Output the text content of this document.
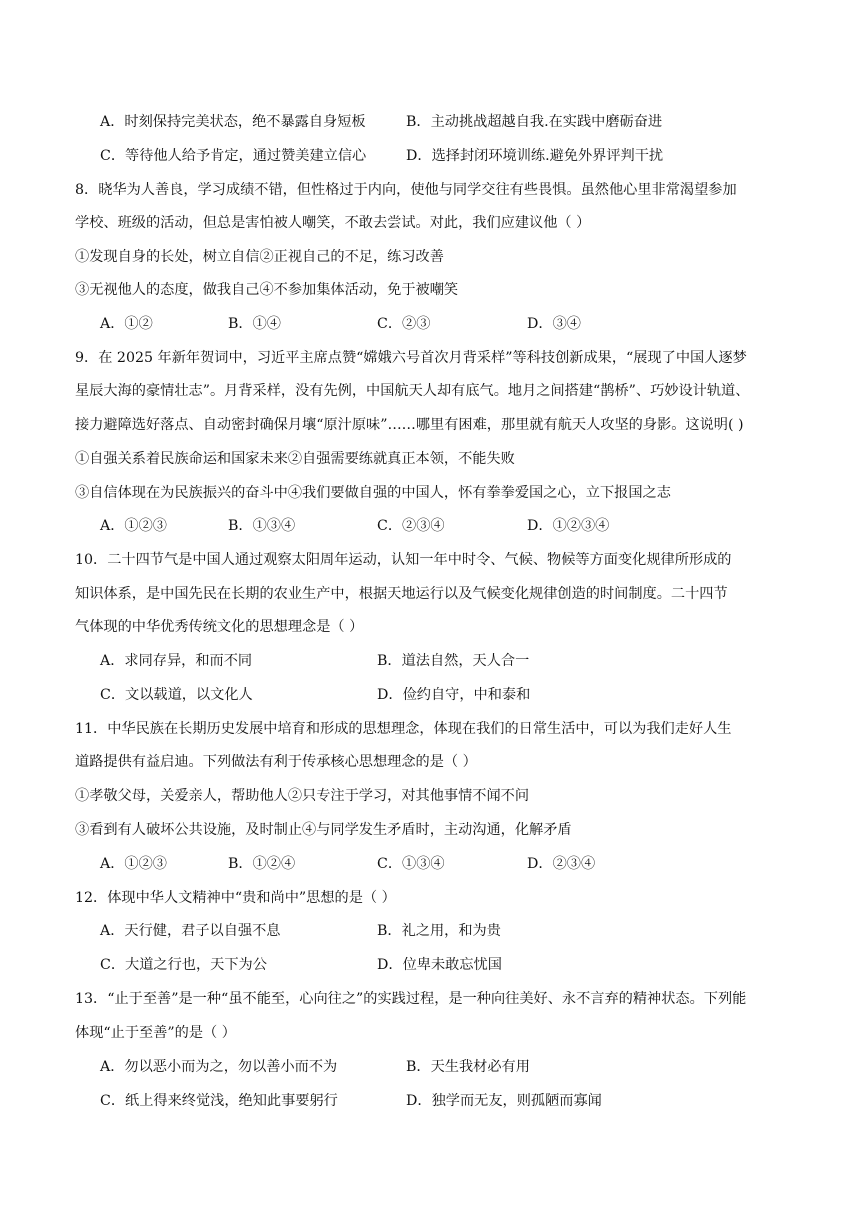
A．时刻保持完美状态，绝不暴露自身短板	B．主动挑战超越自我.在实践中磨砺奋进
C．等待他人给予肯定，通过赞美建立信心	D．选择封闭环境训练.避免外界评判干扰
8．晓华为人善良，学习成绩不错，但性格过于内向，使他与同学交往有些畏惧。虽然他心里非常渴望参加
学校、班级的活动，但总是害怕被人嘲笑，不敢去尝试。对此，我们应建议他（ ）
①发现自身的长处，树立自信②正视自己的不足，练习改善
③无视他人的态度，做我自己④不参加集体活动，免于被嘲笑
A．①②	B．①④	C．②③	D．③④
9．在 2025 年新年贺词中，习近平主席点赞“嫦娥六号首次月背采样”等科技创新成果，“展现了中国人逐梦
星辰大海的豪情壮志”。月背采样，没有先例，中国航天人却有底气。地月之间搭建“鹊桥”、巧妙设计轨道、
接力避障选好落点、自动密封确保月壤“原汁原味”……哪里有困难，那里就有航天人攻坚的身影。这说明( )
①自强关系着民族命运和国家未来②自强需要练就真正本领，不能失败
③自信体现在为民族振兴的奋斗中④我们要做自强的中国人，怀有拳拳爱国之心，立下报国之志
A．①②③	B．①③④	C．②③④	D．①②③④
10．二十四节气是中国人通过观察太阳周年运动，认知一年中时令、气候、物候等方面变化规律所形成的
知识体系，是中国先民在长期的农业生产中，根据天地运行以及气候变化规律创造的时间制度。二十四节
气体现的中华优秀传统文化的思想理念是（ ）
A．求同存异，和而不同	B．道法自然，天人合一
C．文以载道，以文化人	D．俭约自守，中和泰和
11．中华民族在长期历史发展中培育和形成的思想理念，体现在我们的日常生活中，可以为我们走好人生
道路提供有益启迪。下列做法有利于传承核心思想理念的是（ ）
①孝敬父母，关爱亲人，帮助他人②只专注于学习，对其他事情不闻不问
③看到有人破坏公共设施，及时制止④与同学发生矛盾时，主动沟通，化解矛盾
A．①②③	B．①②④	C．①③④	D．②③④
12．体现中华人文精神中“贵和尚中”思想的是（ ）
A．天行健，君子以自强不息	B．礼之用，和为贵
C．大道之行也，天下为公	D．位卑未敢忘忧国
13．“止于至善”是一种“虽不能至，心向往之”的实践过程，是一种向往美好、永不言弃的精神状态。下列能
体现“止于至善”的是（ ）
A．勿以恶小而为之，勿以善小而不为	B．天生我材必有用
C．纸上得来终觉浅，绝知此事要躬行	D．独学而无友，则孤陋而寡闻
